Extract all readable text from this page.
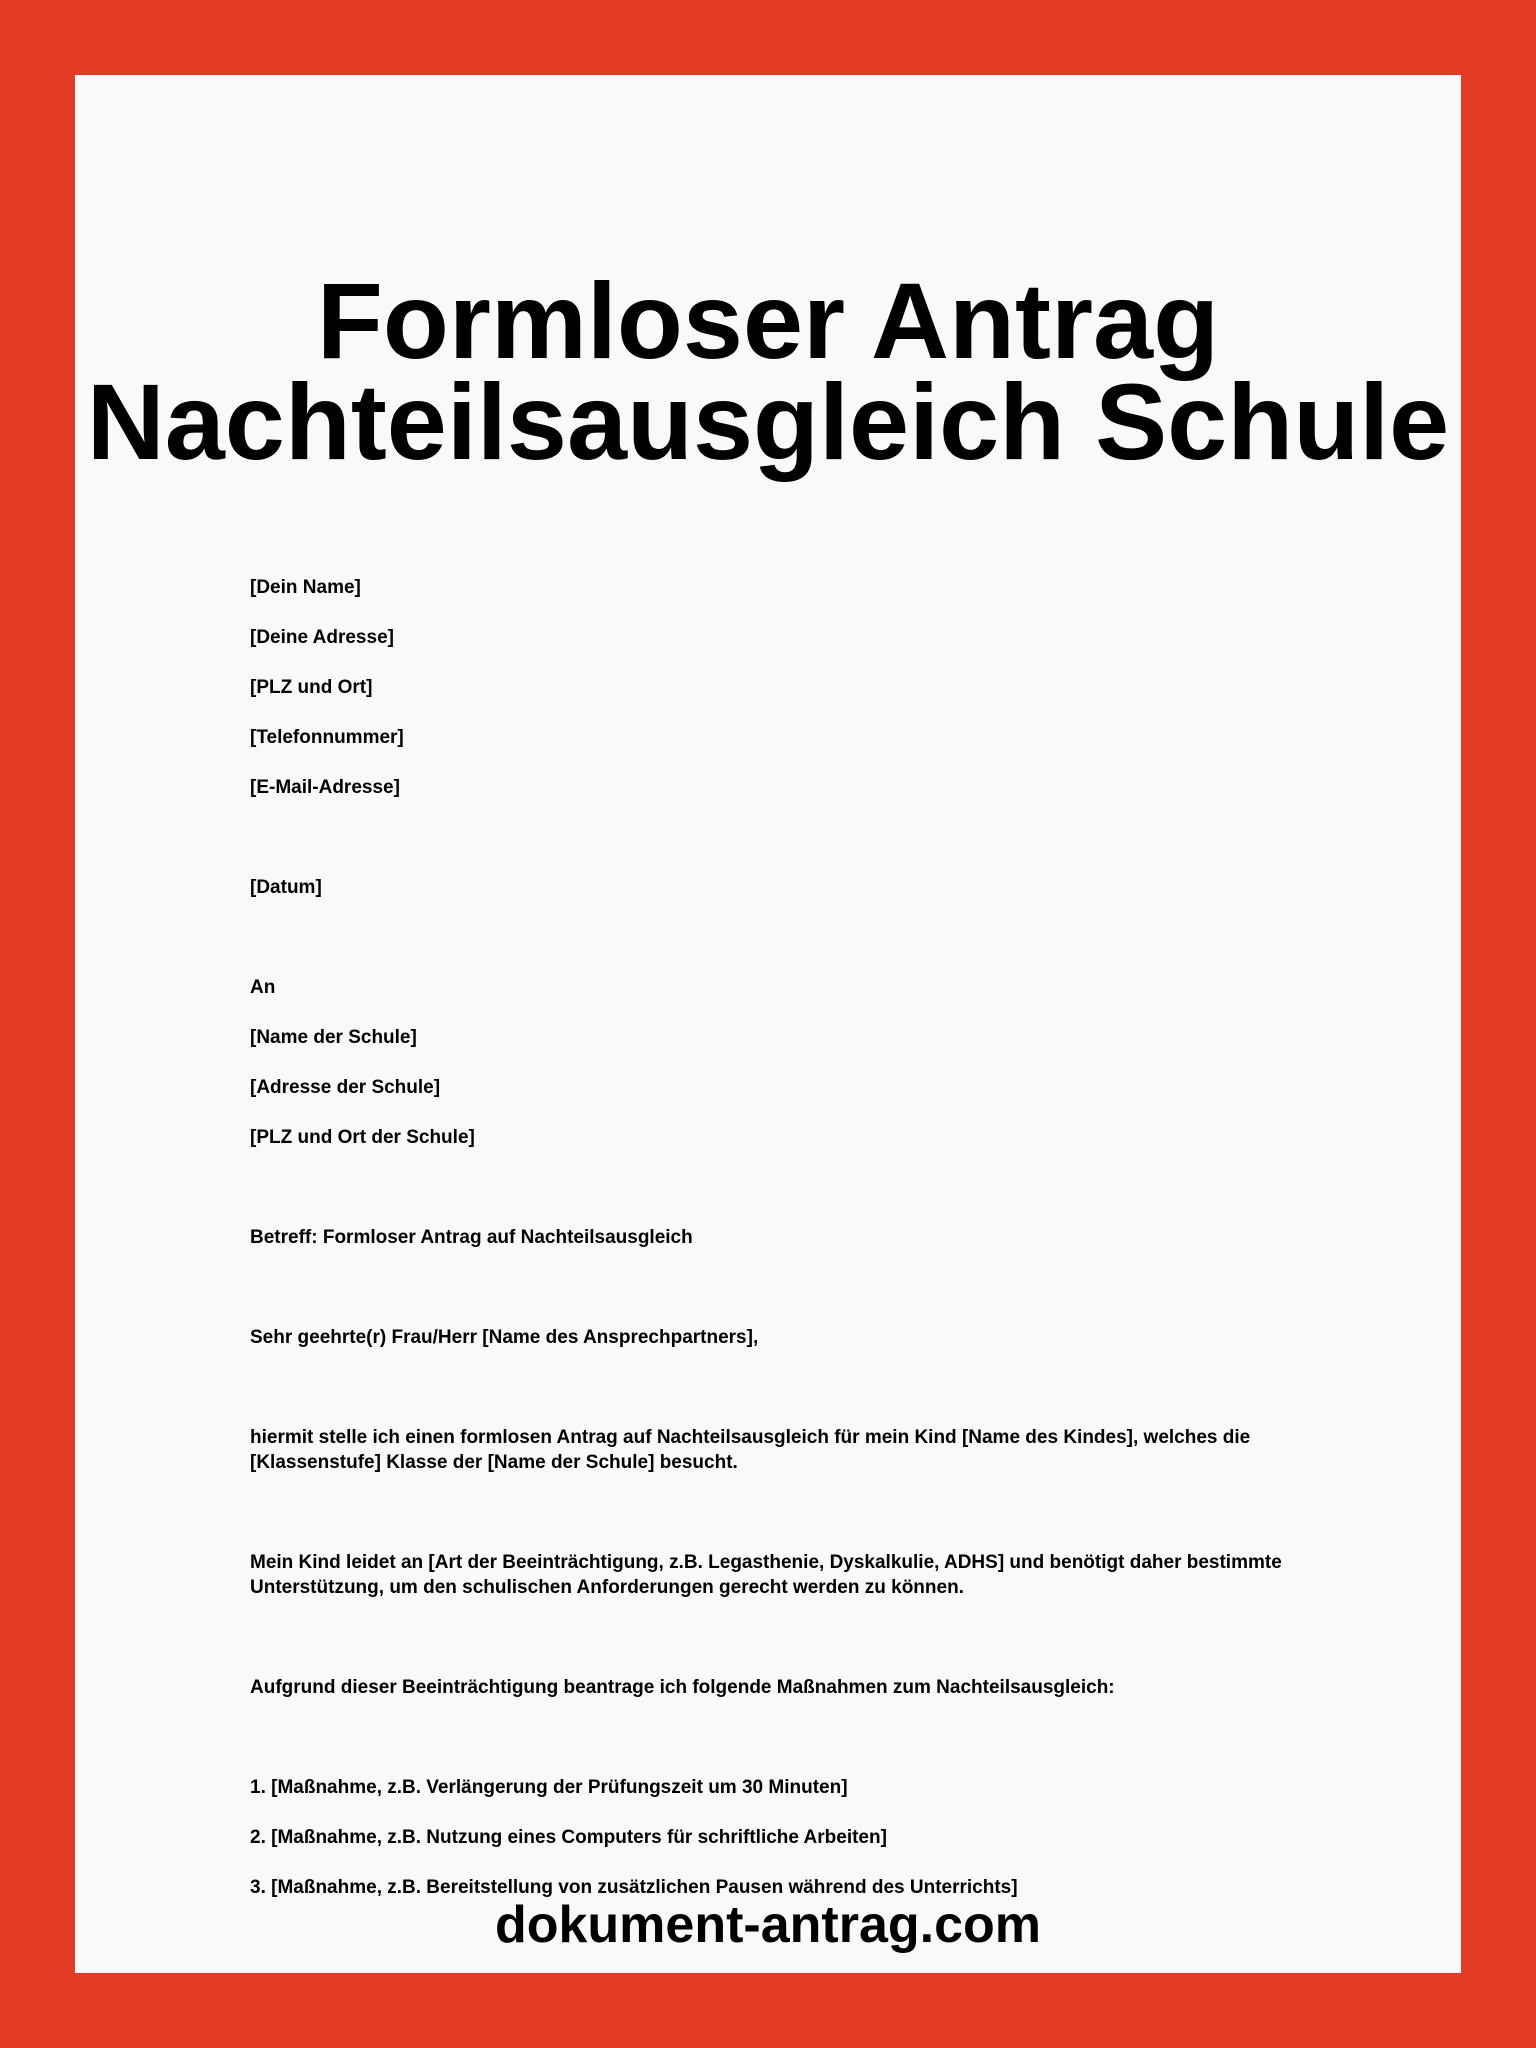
Formloser Antrag
Nachteilsausgleich Schule
[Dein Name]
[Deine Adresse]
[PLZ und Ort]
[Telefonnummer]
[E-Mail-Adresse]
[Datum]
An
[Name der Schule]
[Adresse der Schule]
[PLZ und Ort der Schule]
Betreff: Formloser Antrag auf Nachteilsausgleich
Sehr geehrte(r) Frau/Herr [Name des Ansprechpartners],

hiermit stelle ich einen formlosen Antrag auf Nachteilsausgleich für mein Kind [Name des Kindes], welches die [Klassenstufe] Klasse der [Name der Schule] besucht.

Mein Kind leidet an [Art der Beeinträchtigung, z.B. Legasthenie, Dyskalkulie, ADHS] und benötigt daher bestimmte Unterstützung, um den schulischen Anforderungen gerecht werden zu können.

Aufgrund dieser Beeinträchtigung beantrage ich folgende Maßnahmen zum Nachteilsausgleich:
1. [Maßnahme, z.B. Verlängerung der Prüfungszeit um 30 Minuten]
2. [Maßnahme, z.B. Nutzung eines Computers für schriftliche Arbeiten]
3. [Maßnahme, z.B. Bereitstellung von zusätzlichen Pausen während des Unterrichts]
dokument-antrag.com
